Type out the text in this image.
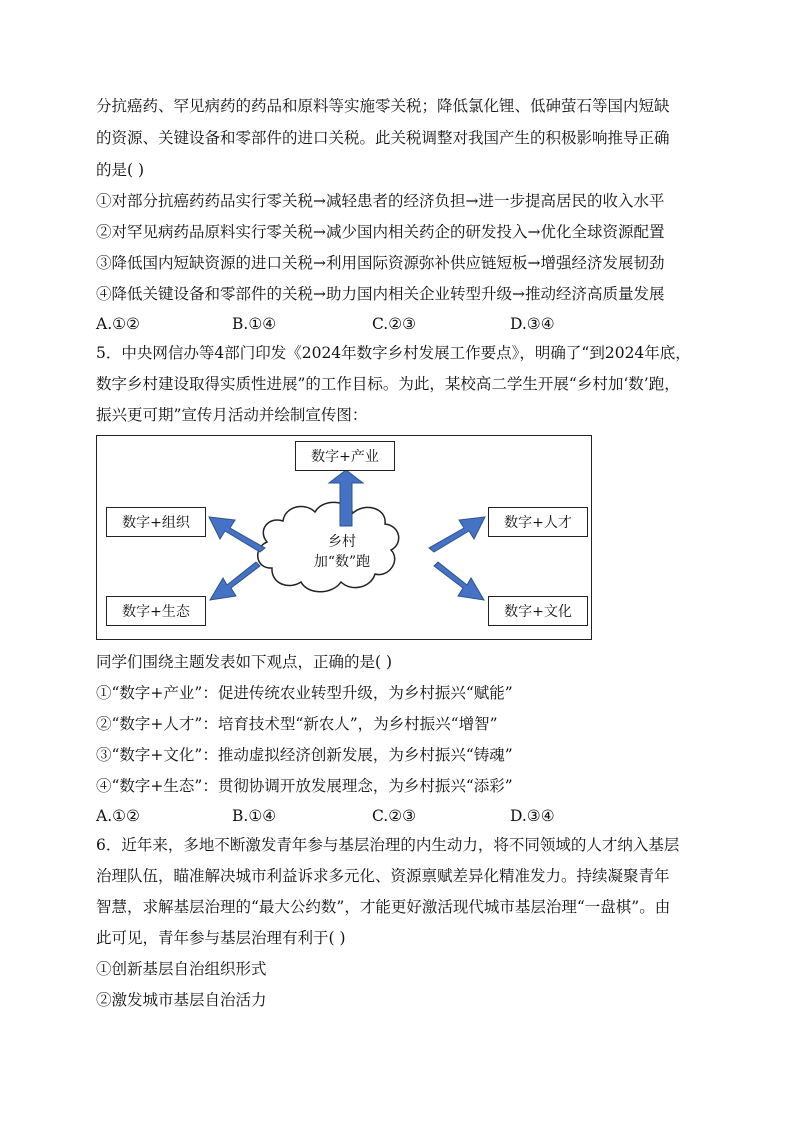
分抗癌药、罕见病药的药品和原料等实施零关税；降低氯化锂、低砷萤石等国内短缺
的资源、关键设备和零部件的进口关税。此关税调整对我国产生的积极影响推导正确
的是( )
①对部分抗癌药药品实行零关税→减轻患者的经济负担→进一步提高居民的收入水平
②对罕见病药品原料实行零关税→减少国内相关药企的研发投入→优化全球资源配置
③降低国内短缺资源的进口关税→利用国际资源弥补供应链短板→增强经济发展韧劲
④降低关键设备和零部件的关税→助力国内相关企业转型升级→推动经济高质量发展
A.①②	B.①④	C.②③	D.③④
5．中央网信办等4部门印发《2024年数字乡村发展工作要点》，明确了“到2024年底，
数字乡村建设取得实质性进展”的工作目标。为此，某校高二学生开展“乡村加‘数’跑，
振兴更可期”宣传月活动并绘制宣传图：
数字+产业
数字+组织
数字+生态
数字+人才
数字+文化
乡村
加“数”跑
同学们围绕主题发表如下观点，正确的是( )
①“数字+产业”：促进传统农业转型升级，为乡村振兴“赋能”
②“数字+人才”：培育技术型“新农人”，为乡村振兴“增智”
③“数字+文化”：推动虚拟经济创新发展，为乡村振兴“铸魂”
④“数字+生态”：贯彻协调开放发展理念，为乡村振兴“添彩”
A.①②	B.①④	C.②③	D.③④
6．近年来，多地不断激发青年参与基层治理的内生动力，将不同领域的人才纳入基层
治理队伍，瞄准解决城市利益诉求多元化、资源禀赋差异化精准发力。持续凝聚青年
智慧，求解基层治理的“最大公约数”，才能更好激活现代城市基层治理“一盘棋”。由
此可见，青年参与基层治理有利于( )
①创新基层自治组织形式
②激发城市基层自治活力
